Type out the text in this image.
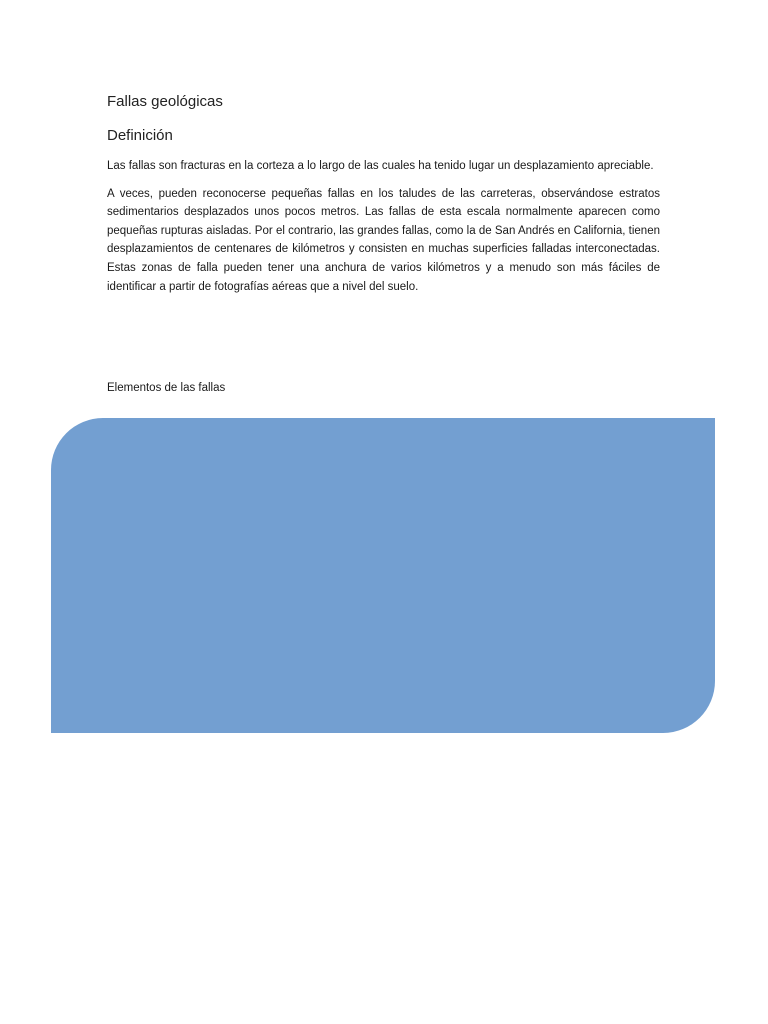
Fallas geológicas
Definición

Las fallas son fracturas en la corteza a lo largo de las cuales ha tenido lugar un desplazamiento apreciable.

A veces, pueden reconocerse pequeñas fallas en los taludes de las carreteras, observándose estratos sedimentarios desplazados unos pocos metros. Las fallas de esta escala normalmente aparecen como pequeñas rupturas aisladas. Por el contrario, las grandes fallas, como la de San Andrés en California, tienen desplazamientos de centenares de kilómetros y consisten en muchas superficies falladas interconectadas. Estas zonas de falla pueden tener una anchura de varios kilómetros y a menudo son más fáciles de identificar a partir de fotografías aéreas que a nivel del suelo.

Elementos de las fallas
